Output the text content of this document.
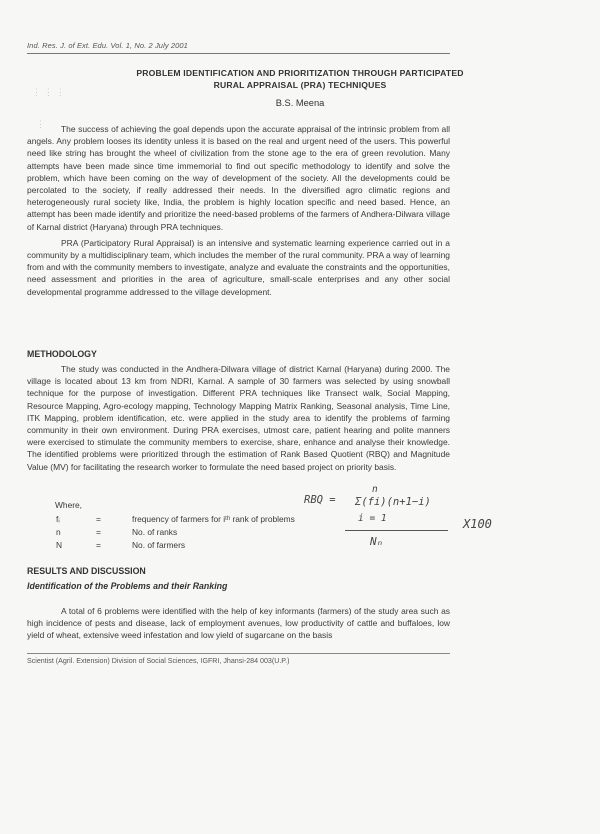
⋮ ⋮ ⋮
⋮
Ind. Res. J. of Ext. Edu. Vol. 1, No. 2 July 2001
PROBLEM IDENTIFICATION AND PRIORITIZATION THROUGH PARTICIPATED
RURAL APPRAISAL (PRA) TECHNIQUES
B.S. Meena

The success of achieving the goal depends upon the accurate appraisal of the intrinsic problem from all angels. Any problem looses its identity unless it is based on the real and urgent need of the users. This powerful need like string has brought the wheel of civilization from the stone age to the era of green revolution. Many attempts have been made since time immemorial to find out specific methodology to identify and solve the problem, which have been coming on the way of development of the society. All the developments could be percolated to the society, if really addressed their needs. In the diversified agro climatic regions and heterogeneously rural society like, India, the problem is highly location specific and need based. Hence, an attempt has been made identify and prioritize the need-based problems of the farmers of Andhera-Dilwara village of Karnal district (Haryana) through PRA techniques.

PRA (Participatory Rural Appraisal) is an intensive and systematic learning experience carried out in a community by a multidisciplinary team, which includes the member of the rural community. PRA a way of learning from and with the community members to investigate, analyze and evaluate the constraints and the opportunities, need assessment and priorities in the area of agriculture, small-scale enterprises and any other social developmental programme addressed to the village development.

METHODOLOGY

The study was conducted in the Andhera-Dilwara village of district Karnal (Haryana) during 2000. The village is located about 13 km from NDRI, Karnal. A sample of 30 farmers was selected by using snowball technique for the purpose of investigation. Different PRA techniques like Transect walk, Social Mapping, Resource Mapping, Agro-ecology mapping, Technology Mapping Matrix Ranking, Seasonal analysis, Time Line, ITK Mapping, problem identification, etc. were applied in the study area to identify the problems of farming community in their own environment. During PRA exercises, utmost care, patient hearing and polite manners were exercised to stimulate the community members to exercise, share, enhance and analyse their knowledge. The identified problems were prioritized through the estimation of Rank Based Quotient (RBQ) and Magnitude Value (MV) for facilitating the research worker to formulate the need based project on priority basis.

Where,
fᵢ	=	frequency of farmers for iᵗʰ rank of problems
n	=	No. of ranks
N	=	No. of farmers
RBQ =
n
Σ(fi)(n+1−i)
i = 1
Nₙ
X100
RESULTS AND DISCUSSION
Identification of the Problems and their Ranking

A total of 6 problems were identified with the help of key informants (farmers) of the study area such as high incidence of pests and disease, lack of employment avenues, low productivity of cattle and buffaloes, low yield of wheat, extensive weed infestation and low yield of sugarcane on the basis

Scientist (Agril. Extension) Division of Social Sciences, IGFRI, Jhansi-284 003(U.P.)
